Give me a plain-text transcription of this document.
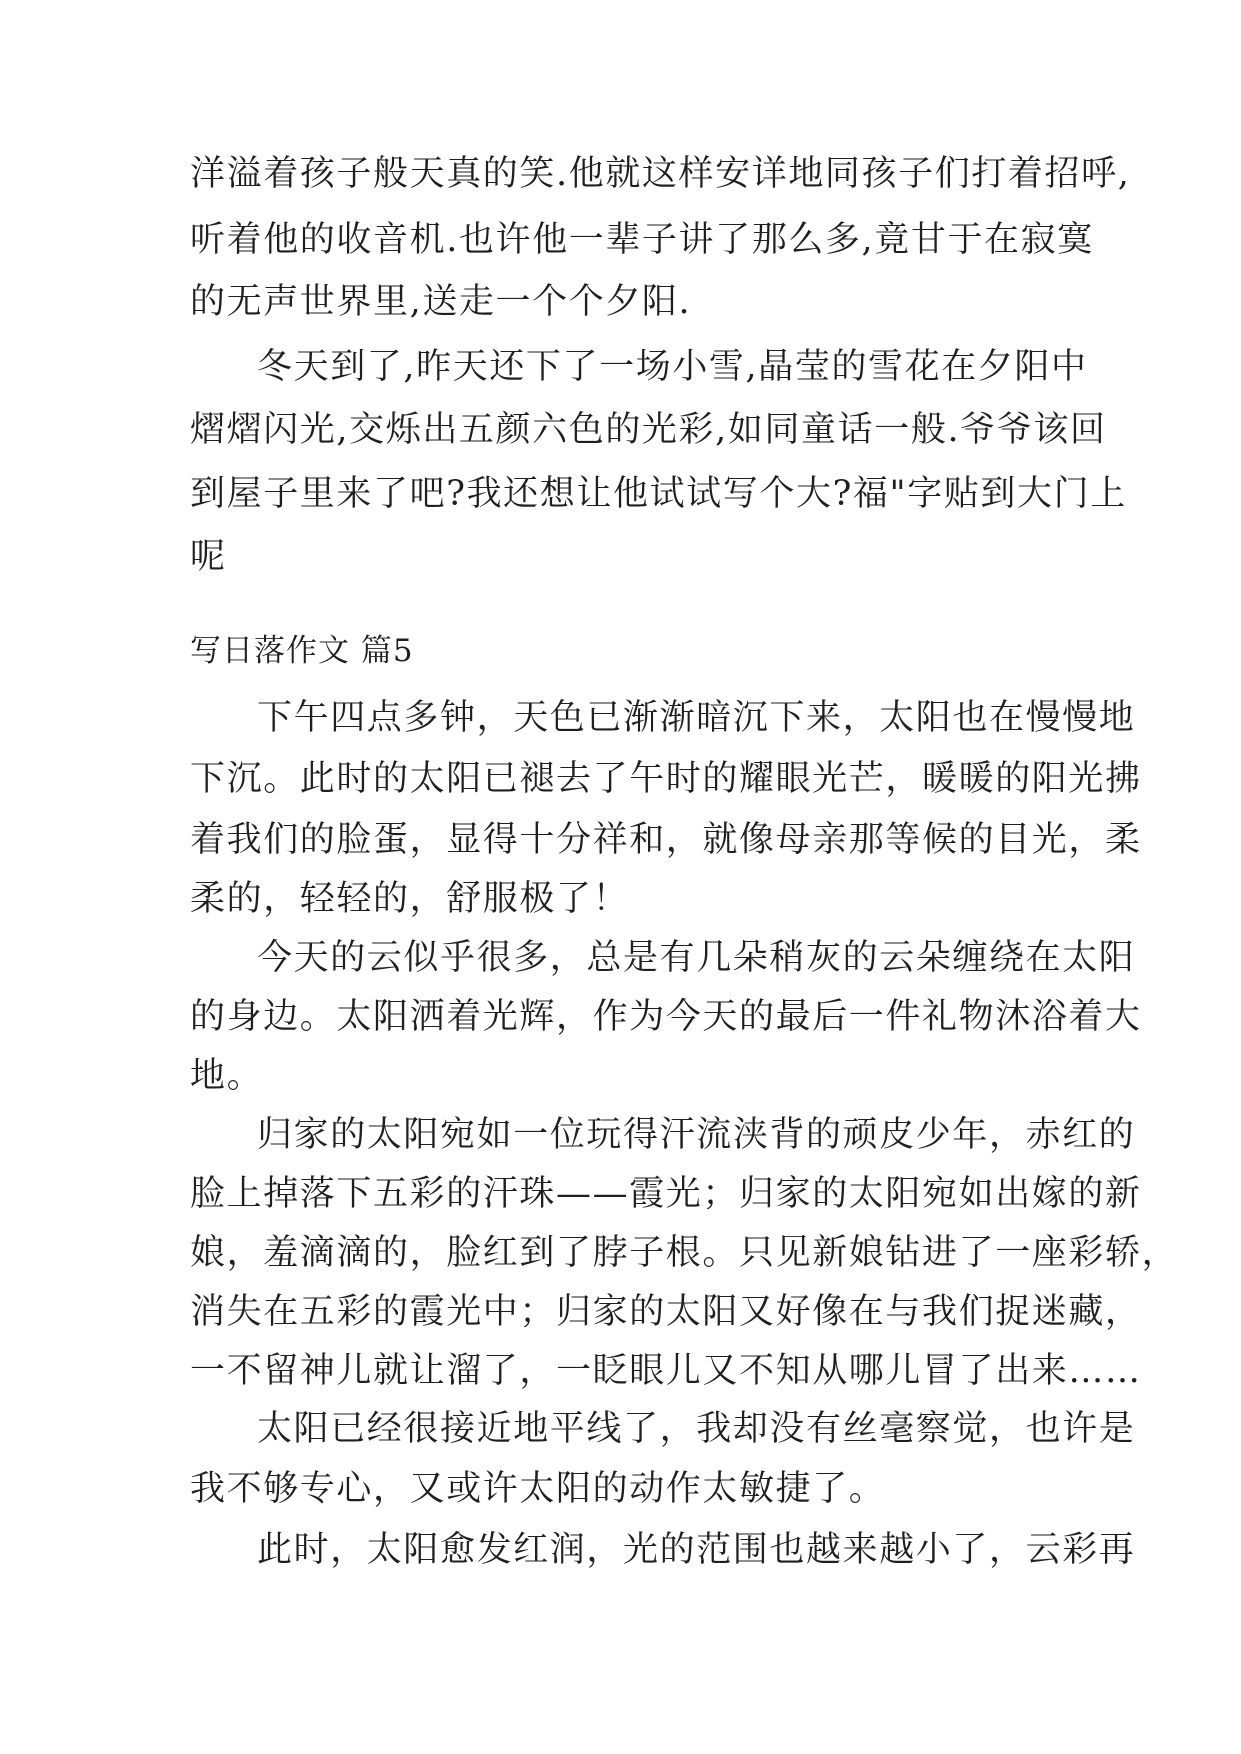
洋溢着孩子般天真的笑.他就这样安详地同孩子们打着招呼,
听着他的收音机.也许他一辈子讲了那么多,竟甘于在寂寞
的无声世界里,送走一个个夕阳.
冬天到了,昨天还下了一场小雪,晶莹的雪花在夕阳中
熠熠闪光,交烁出五颜六色的光彩,如同童话一般.爷爷该回
到屋子里来了吧?我还想让他试试写个大?福"字贴到大门上
呢
写日落作文 篇5
下午四点多钟，天色已渐渐暗沉下来，太阳也在慢慢地
下沉。此时的太阳已褪去了午时的耀眼光芒，暖暖的阳光拂
着我们的脸蛋，显得十分祥和，就像母亲那等候的目光，柔
柔的，轻轻的，舒服极了！
今天的云似乎很多，总是有几朵稍灰的云朵缠绕在太阳
的身边。太阳洒着光辉，作为今天的最后一件礼物沐浴着大
地。
归家的太阳宛如一位玩得汗流浃背的顽皮少年，赤红的
脸上掉落下五彩的汗珠——霞光；归家的太阳宛如出嫁的新
娘，羞滴滴的，脸红到了脖子根。只见新娘钻进了一座彩轿，
消失在五彩的霞光中；归家的太阳又好像在与我们捉迷藏，
一不留神儿就让溜了，一眨眼儿又不知从哪儿冒了出来……
太阳已经很接近地平线了，我却没有丝毫察觉，也许是
我不够专心，又或许太阳的动作太敏捷了。
此时，太阳愈发红润，光的范围也越来越小了，云彩再
